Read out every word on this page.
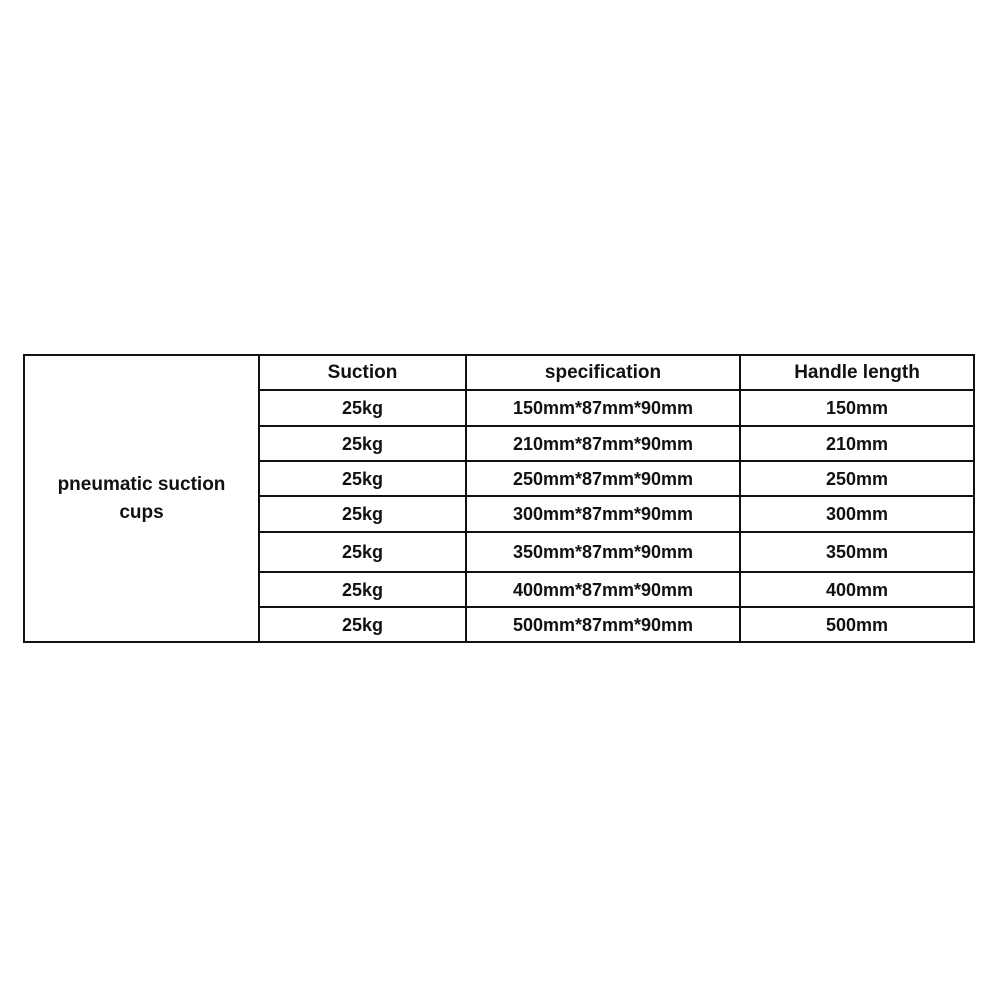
pneumatic suction cups	Suction	specification	Handle length
	25kg	150mm*87mm*90mm	150mm
	25kg	210mm*87mm*90mm	210mm
	25kg	250mm*87mm*90mm	250mm
	25kg	300mm*87mm*90mm	300mm
	25kg	350mm*87mm*90mm	350mm
	25kg	400mm*87mm*90mm	400mm
	25kg	500mm*87mm*90mm	500mm
